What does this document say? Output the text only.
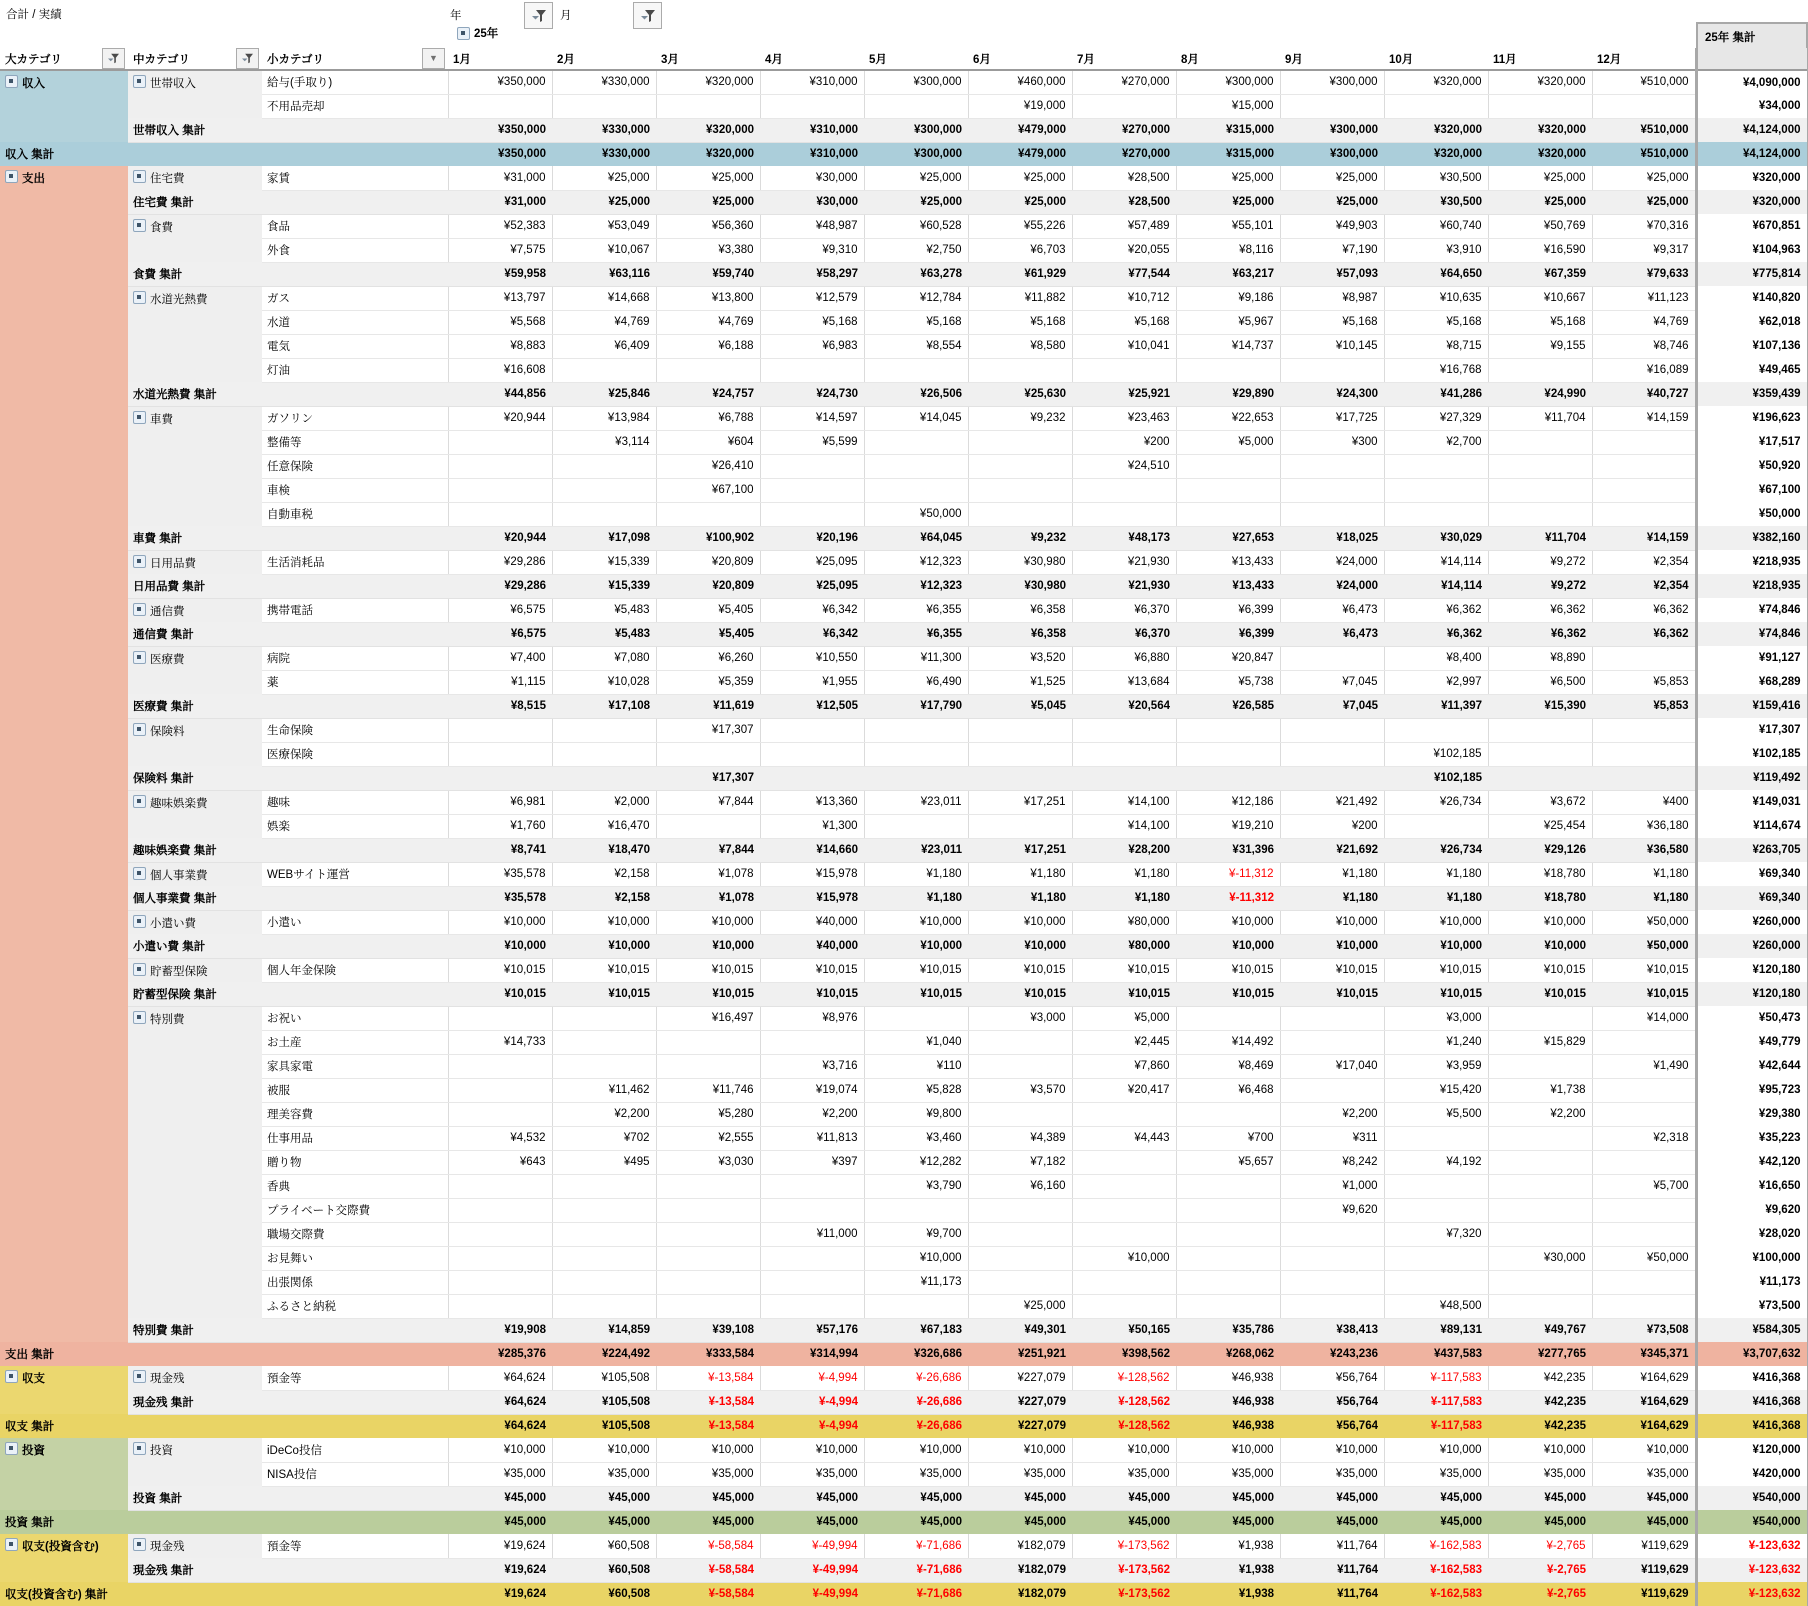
合計 / 実績	年	月
25年	25年 集計
大カテゴリ	中カテゴリ	小カテゴリ ▼	1月	2月	3月	4月	5月	6月	7月	8月	9月	10月	11月	12月	
収入	世帯収入	給与(手取り)	¥350,000	¥330,000	¥320,000	¥310,000	¥300,000	¥460,000	¥270,000	¥300,000	¥300,000	¥320,000	¥320,000	¥510,000	¥4,090,000
		不用品売却						¥19,000		¥15,000					¥34,000
	世帯収入 集計		¥350,000	¥330,000	¥320,000	¥310,000	¥300,000	¥479,000	¥270,000	¥315,000	¥300,000	¥320,000	¥320,000	¥510,000	¥4,124,000
収入 集計			¥350,000	¥330,000	¥320,000	¥310,000	¥300,000	¥479,000	¥270,000	¥315,000	¥300,000	¥320,000	¥320,000	¥510,000	¥4,124,000
支出	住宅費	家賃	¥31,000	¥25,000	¥25,000	¥30,000	¥25,000	¥25,000	¥28,500	¥25,000	¥25,000	¥30,500	¥25,000	¥25,000	¥320,000
	住宅費 集計		¥31,000	¥25,000	¥25,000	¥30,000	¥25,000	¥25,000	¥28,500	¥25,000	¥25,000	¥30,500	¥25,000	¥25,000	¥320,000
	食費	食品	¥52,383	¥53,049	¥56,360	¥48,987	¥60,528	¥55,226	¥57,489	¥55,101	¥49,903	¥60,740	¥50,769	¥70,316	¥670,851
		外食	¥7,575	¥10,067	¥3,380	¥9,310	¥2,750	¥6,703	¥20,055	¥8,116	¥7,190	¥3,910	¥16,590	¥9,317	¥104,963
	食費 集計		¥59,958	¥63,116	¥59,740	¥58,297	¥63,278	¥61,929	¥77,544	¥63,217	¥57,093	¥64,650	¥67,359	¥79,633	¥775,814
	水道光熱費	ガス	¥13,797	¥14,668	¥13,800	¥12,579	¥12,784	¥11,882	¥10,712	¥9,186	¥8,987	¥10,635	¥10,667	¥11,123	¥140,820
		水道	¥5,568	¥4,769	¥4,769	¥5,168	¥5,168	¥5,168	¥5,168	¥5,967	¥5,168	¥5,168	¥5,168	¥4,769	¥62,018
		電気	¥8,883	¥6,409	¥6,188	¥6,983	¥8,554	¥8,580	¥10,041	¥14,737	¥10,145	¥8,715	¥9,155	¥8,746	¥107,136
		灯油	¥16,608									¥16,768		¥16,089	¥49,465
	水道光熱費 集計		¥44,856	¥25,846	¥24,757	¥24,730	¥26,506	¥25,630	¥25,921	¥29,890	¥24,300	¥41,286	¥24,990	¥40,727	¥359,439
	車費	ガソリン	¥20,944	¥13,984	¥6,788	¥14,597	¥14,045	¥9,232	¥23,463	¥22,653	¥17,725	¥27,329	¥11,704	¥14,159	¥196,623
		整備等		¥3,114	¥604	¥5,599			¥200	¥5,000	¥300	¥2,700			¥17,517
		任意保険			¥26,410				¥24,510						¥50,920
		車検			¥67,100										¥67,100
		自動車税					¥50,000								¥50,000
	車費 集計		¥20,944	¥17,098	¥100,902	¥20,196	¥64,045	¥9,232	¥48,173	¥27,653	¥18,025	¥30,029	¥11,704	¥14,159	¥382,160
	日用品費	生活消耗品	¥29,286	¥15,339	¥20,809	¥25,095	¥12,323	¥30,980	¥21,930	¥13,433	¥24,000	¥14,114	¥9,272	¥2,354	¥218,935
	日用品費 集計		¥29,286	¥15,339	¥20,809	¥25,095	¥12,323	¥30,980	¥21,930	¥13,433	¥24,000	¥14,114	¥9,272	¥2,354	¥218,935
	通信費	携帯電話	¥6,575	¥5,483	¥5,405	¥6,342	¥6,355	¥6,358	¥6,370	¥6,399	¥6,473	¥6,362	¥6,362	¥6,362	¥74,846
	通信費 集計		¥6,575	¥5,483	¥5,405	¥6,342	¥6,355	¥6,358	¥6,370	¥6,399	¥6,473	¥6,362	¥6,362	¥6,362	¥74,846
	医療費	病院	¥7,400	¥7,080	¥6,260	¥10,550	¥11,300	¥3,520	¥6,880	¥20,847		¥8,400	¥8,890		¥91,127
		薬	¥1,115	¥10,028	¥5,359	¥1,955	¥6,490	¥1,525	¥13,684	¥5,738	¥7,045	¥2,997	¥6,500	¥5,853	¥68,289
	医療費 集計		¥8,515	¥17,108	¥11,619	¥12,505	¥17,790	¥5,045	¥20,564	¥26,585	¥7,045	¥11,397	¥15,390	¥5,853	¥159,416
	保険料	生命保険			¥17,307										¥17,307
		医療保険										¥102,185			¥102,185
	保険料 集計				¥17,307							¥102,185			¥119,492
	趣味娯楽費	趣味	¥6,981	¥2,000	¥7,844	¥13,360	¥23,011	¥17,251	¥14,100	¥12,186	¥21,492	¥26,734	¥3,672	¥400	¥149,031
		娯楽	¥1,760	¥16,470		¥1,300			¥14,100	¥19,210	¥200		¥25,454	¥36,180	¥114,674
	趣味娯楽費 集計		¥8,741	¥18,470	¥7,844	¥14,660	¥23,011	¥17,251	¥28,200	¥31,396	¥21,692	¥26,734	¥29,126	¥36,580	¥263,705
	個人事業費	WEBサイト運営	¥35,578	¥2,158	¥1,078	¥15,978	¥1,180	¥1,180	¥1,180	¥-11,312	¥1,180	¥1,180	¥18,780	¥1,180	¥69,340
	個人事業費 集計		¥35,578	¥2,158	¥1,078	¥15,978	¥1,180	¥1,180	¥1,180	¥-11,312	¥1,180	¥1,180	¥18,780	¥1,180	¥69,340
	小遣い費	小遣い	¥10,000	¥10,000	¥10,000	¥40,000	¥10,000	¥10,000	¥80,000	¥10,000	¥10,000	¥10,000	¥10,000	¥50,000	¥260,000
	小遣い費 集計		¥10,000	¥10,000	¥10,000	¥40,000	¥10,000	¥10,000	¥80,000	¥10,000	¥10,000	¥10,000	¥10,000	¥50,000	¥260,000
	貯蓄型保険	個人年金保険	¥10,015	¥10,015	¥10,015	¥10,015	¥10,015	¥10,015	¥10,015	¥10,015	¥10,015	¥10,015	¥10,015	¥10,015	¥120,180
	貯蓄型保険 集計		¥10,015	¥10,015	¥10,015	¥10,015	¥10,015	¥10,015	¥10,015	¥10,015	¥10,015	¥10,015	¥10,015	¥10,015	¥120,180
	特別費	お祝い			¥16,497	¥8,976		¥3,000	¥5,000			¥3,000		¥14,000	¥50,473
		お土産	¥14,733				¥1,040		¥2,445	¥14,492		¥1,240	¥15,829		¥49,779
		家具家電				¥3,716	¥110		¥7,860	¥8,469	¥17,040	¥3,959		¥1,490	¥42,644
		被服		¥11,462	¥11,746	¥19,074	¥5,828	¥3,570	¥20,417	¥6,468		¥15,420	¥1,738		¥95,723
		理美容費		¥2,200	¥5,280	¥2,200	¥9,800				¥2,200	¥5,500	¥2,200		¥29,380
		仕事用品	¥4,532	¥702	¥2,555	¥11,813	¥3,460	¥4,389	¥4,443	¥700	¥311			¥2,318	¥35,223
		贈り物	¥643	¥495	¥3,030	¥397	¥12,282	¥7,182		¥5,657	¥8,242	¥4,192			¥42,120
		香典					¥3,790	¥6,160			¥1,000			¥5,700	¥16,650
		プライベート交際費									¥9,620				¥9,620
		職場交際費				¥11,000	¥9,700					¥7,320			¥28,020
		お見舞い					¥10,000		¥10,000				¥30,000	¥50,000	¥100,000
		出張関係					¥11,173								¥11,173
		ふるさと納税						¥25,000				¥48,500			¥73,500
	特別費 集計		¥19,908	¥14,859	¥39,108	¥57,176	¥67,183	¥49,301	¥50,165	¥35,786	¥38,413	¥89,131	¥49,767	¥73,508	¥584,305
支出 集計			¥285,376	¥224,492	¥333,584	¥314,994	¥326,686	¥251,921	¥398,562	¥268,062	¥243,236	¥437,583	¥277,765	¥345,371	¥3,707,632
収支	現金残	預金等	¥64,624	¥105,508	¥-13,584	¥-4,994	¥-26,686	¥227,079	¥-128,562	¥46,938	¥56,764	¥-117,583	¥42,235	¥164,629	¥416,368
	現金残 集計		¥64,624	¥105,508	¥-13,584	¥-4,994	¥-26,686	¥227,079	¥-128,562	¥46,938	¥56,764	¥-117,583	¥42,235	¥164,629	¥416,368
収支 集計			¥64,624	¥105,508	¥-13,584	¥-4,994	¥-26,686	¥227,079	¥-128,562	¥46,938	¥56,764	¥-117,583	¥42,235	¥164,629	¥416,368
投資	投資	iDeCo投信	¥10,000	¥10,000	¥10,000	¥10,000	¥10,000	¥10,000	¥10,000	¥10,000	¥10,000	¥10,000	¥10,000	¥10,000	¥120,000
		NISA投信	¥35,000	¥35,000	¥35,000	¥35,000	¥35,000	¥35,000	¥35,000	¥35,000	¥35,000	¥35,000	¥35,000	¥35,000	¥420,000
	投資 集計		¥45,000	¥45,000	¥45,000	¥45,000	¥45,000	¥45,000	¥45,000	¥45,000	¥45,000	¥45,000	¥45,000	¥45,000	¥540,000
投資 集計			¥45,000	¥45,000	¥45,000	¥45,000	¥45,000	¥45,000	¥45,000	¥45,000	¥45,000	¥45,000	¥45,000	¥45,000	¥540,000
収支(投資含む)	現金残	預金等	¥19,624	¥60,508	¥-58,584	¥-49,994	¥-71,686	¥182,079	¥-173,562	¥1,938	¥11,764	¥-162,583	¥-2,765	¥119,629	¥-123,632
	現金残 集計		¥19,624	¥60,508	¥-58,584	¥-49,994	¥-71,686	¥182,079	¥-173,562	¥1,938	¥11,764	¥-162,583	¥-2,765	¥119,629	¥-123,632
収支(投資含む) 集計			¥19,624	¥60,508	¥-58,584	¥-49,994	¥-71,686	¥182,079	¥-173,562	¥1,938	¥11,764	¥-162,583	¥-2,765	¥119,629	¥-123,632
